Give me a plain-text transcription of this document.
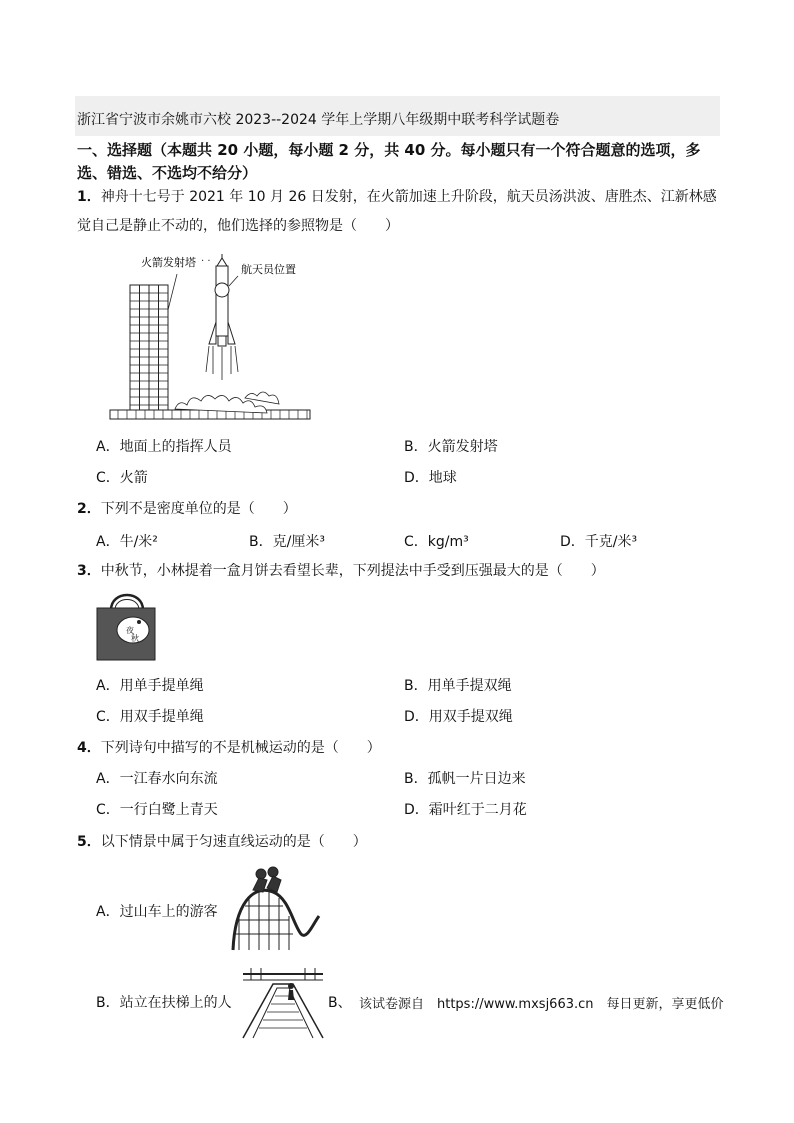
浙江省宁波市余姚市六校 2023--2024 学年上学期八年级期中联考科学试题卷
一、选择题（本题共 20 小题，每小题 2 分，共 40 分。每小题只有一个符合题意的选项，多选、错选、不选均不给分）
1．神舟十七号于 2021 年 10 月 26 日发射，在火箭加速上升阶段，航天员汤洪波、唐胜杰、江新林感
觉自己是静止不动的，他们选择的参照物是（　　）
火箭发射塔 · ·
航天员位置
A．地面上的指挥人员	B．火箭发射塔
C．火箭	D．地球
2．下列不是密度单位的是（　　）
A．牛/米²	B．克/厘米³	C．kg/m³	D．千克/米³
3．中秋节，小林提着一盒月饼去看望长辈，下列提法中手受到压强最大的是（　　）
夜
秋
A．用单手提单绳	B．用单手提双绳
C．用双手提单绳	D．用双手提双绳
4．下列诗句中描写的不是机械运动的是（　　）
A．一江春水向东流	B．孤帆一片日边来
C．一行白鹭上青天	D．霜叶红于二月花
5．以下情景中属于匀速直线运动的是（　　）
A．过山车上的游客
B．站立在扶梯上的人	B、 该试卷源自　https://www.mxsj663.cn　每日更新，享更低价
